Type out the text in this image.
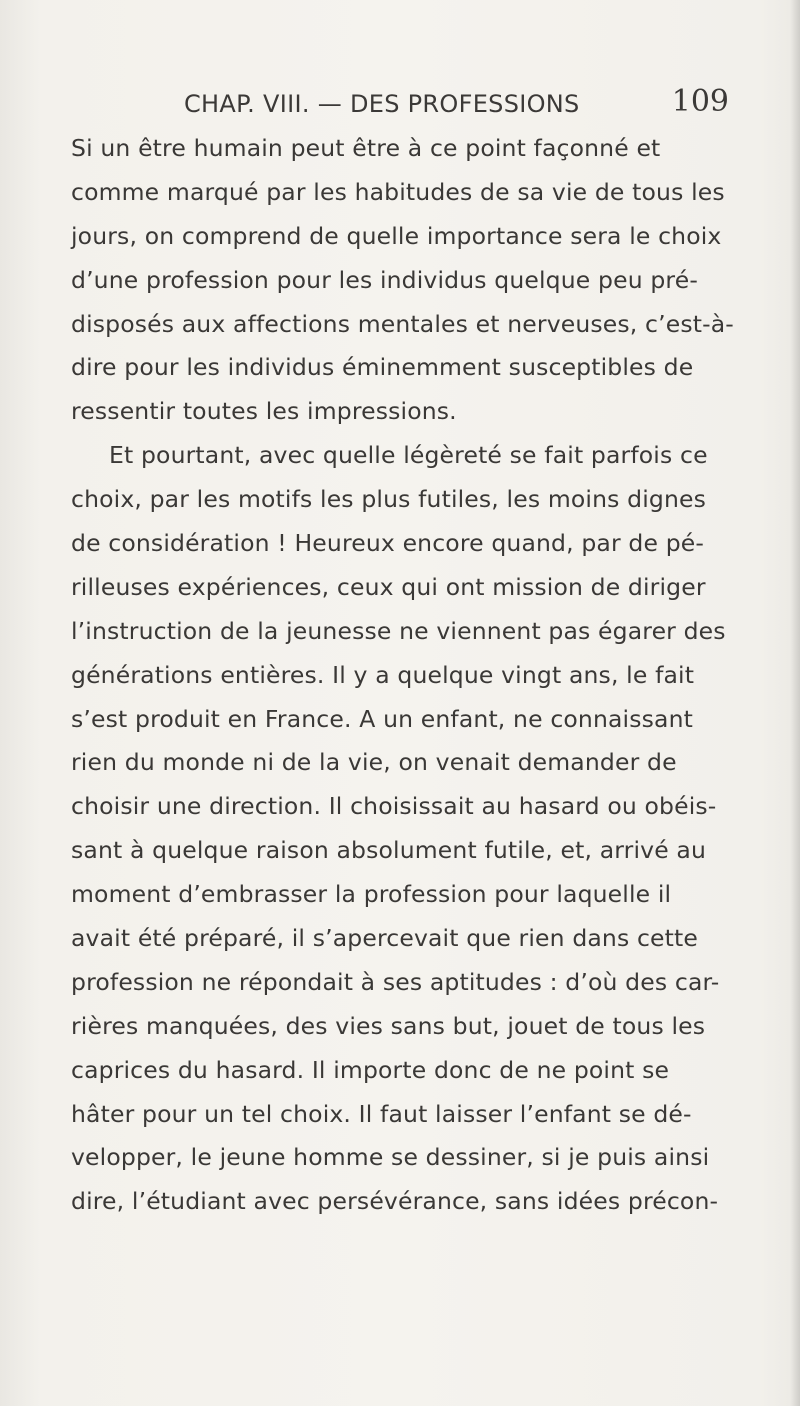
CHAP. VIII. — DES PROFESSIONS	109
Si un être humain peut être à ce point façonné et
comme marqué par les habitudes de sa vie de tous les
jours, on comprend de quelle importance sera le choix
d’une profession pour les individus quelque peu pré-
disposés aux affections mentales et nerveuses, c’est-à-
dire pour les individus éminemment susceptibles de
ressentir toutes les impressions.
Et pourtant, avec quelle légèreté se fait parfois ce
choix, par les motifs les plus futiles, les moins dignes
de considération ! Heureux encore quand, par de pé-
rilleuses expériences, ceux qui ont mission de diriger
l’instruction de la jeunesse ne viennent pas égarer des
générations entières. Il y a quelque vingt ans, le fait
s’est produit en France. A un enfant, ne connaissant
rien du monde ni de la vie, on venait demander de
choisir une direction. Il choisissait au hasard ou obéis-
sant à quelque raison absolument futile, et, arrivé au
moment d’embrasser la profession pour laquelle il
avait été préparé, il s’apercevait que rien dans cette
profession ne répondait à ses aptitudes : d’où des car-
rières manquées, des vies sans but, jouet de tous les
caprices du hasard. Il importe donc de ne point se
hâter pour un tel choix. Il faut laisser l’enfant se dé-
velopper, le jeune homme se dessiner, si je puis ainsi
dire, l’étudiant avec persévérance, sans idées précon-
